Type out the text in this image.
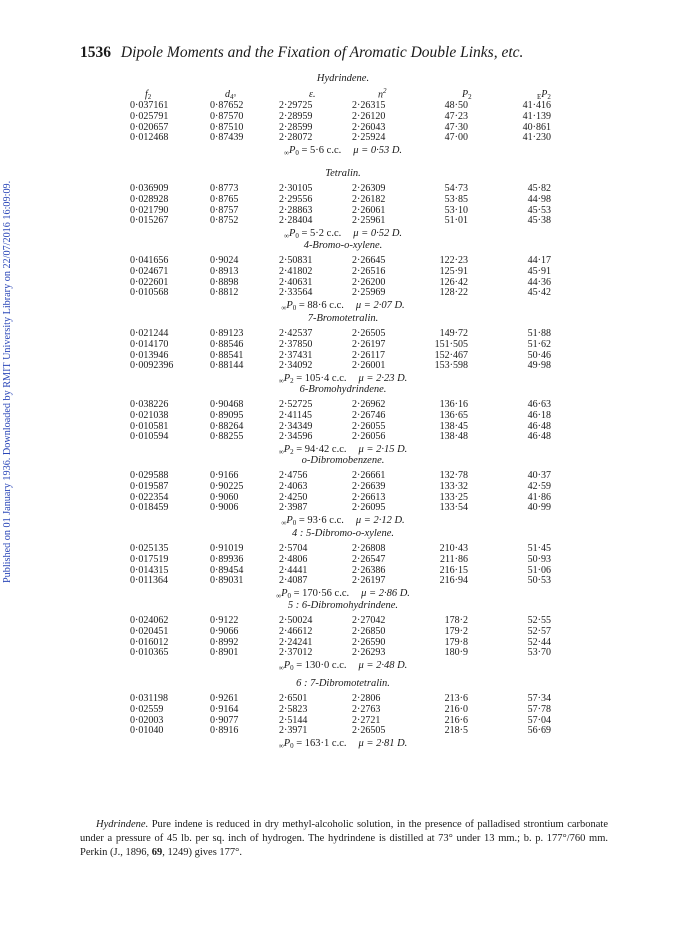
Published on 01 January 1936. Downloaded by RMIT University Library on 22/07/2016 16:09:09.
1536 Dipole Moments and the Fixation of Aromatic Double Links, etc.
$f_2$	$d_{4^\circ}$	ε.	$n^2$	$P_2$	$_EP_2$
Hydrindene.
0·037161	0·87652	2·29725	2·26315	48·50	41·416
0·025791	0·87570	2·28959	2·26120	47·23	41·139
0·020657	0·87510	2·28599	2·26043	47·30	40·861
0·012468	0·87439	2·28072	2·25924	47·00	41·230
$_\infty P_0 = 5\cdot 6$ c.c. μ = 0·53 D.
Tetralin.
0·036909	0·8773	2·30105	2·26309	54·73	45·82
0·028928	0·8765	2·29556	2·26182	53·85	44·98
0·021790	0·8757	2·28863	2·26061	53·10	45·53
0·015267	0·8752	2·28404	2·25961	51·01	45·38
$_\infty P_0 = 5\cdot 2$ c.c. μ = 0·52 D.
4-Bromo-o-xylene.
0·041656	0·9024	2·50831	2·26645	122·23	44·17
0·024671	0·8913	2·41802	2·26516	125·91	45·91
0·022601	0·8898	2·40631	2·26200	126·42	44·36
0·010568	0·8812	2·33564	2·25969	128·22	45·42
$_\infty P_0 = 88\cdot 6$ c.c. μ = 2·07 D.
7-Bromotetralin.
0·021244	0·89123	2·42537	2·26505	149·72	51·88
0·014170	0·88546	2·37850	2·26197	151·505	51·62
0·013946	0·88541	2·37431	2·26117	152·467	50·46
0·0092396	0·88144	2·34092	2·26001	153·598	49·98
$_\infty P_2 = 105\cdot 4$ c.c. μ = 2·23 D.
6-Bromohydrindene.
0·038226	0·90468	2·52725	2·26962	136·16	46·63
0·021038	0·89095	2·41145	2·26746	136·65	46·18
0·010581	0·88264	2·34349	2·26055	138·45	46·48
0·010594	0·88255	2·34596	2·26056	138·48	46·48
$_\infty P_2 = 94\cdot 42$ c.c. μ = 2·15 D.
o-Dibromobenzene.
0·029588	0·9166	2·4756	2·26661	132·78	40·37
0·019587	0·90225	2·4063	2·26639	133·32	42·59
0·022354	0·9060	2·4250	2·26613	133·25	41·86
0·018459	0·9006	2·3987	2·26095	133·54	40·99
$_\infty P_0 = 93\cdot 6$ c.c. μ = 2·12 D.
4 : 5-Dibromo-o-xylene.
0·025135	0·91019	2·5704	2·26808	210·43	51·45
0·017519	0·89936	2·4806	2·26547	211·86	50·93
0·014315	0·89454	2·4441	2·26386	216·15	51·06
0·011364	0·89031	2·4087	2·26197	216·94	50·53
$_\infty P_0 = 170\cdot 56$ c.c. μ = 2·86 D.
5 : 6-Dibromohydrindene.
0·024062	0·9122	2·50024	2·27042	178·2	52·55
0·020451	0·9066	2·46612	2·26850	179·2	52·57
0·016012	0·8992	2·24241	2·26590	179·8	52·44
0·010365	0·8901	2·37012	2·26293	180·9	53·70
$_\infty P_0 = 130\cdot 0$ c.c. μ = 2·48 D.
6 : 7-Dibromotetralin.
0·031198	0·9261	2·6501	2·2806	213·6	57·34
0·02559	0·9164	2·5823	2·2763	216·0	57·78
0·02003	0·9077	2·5144	2·2721	216·6	57·04
0·01040	0·8916	2·3971	2·26505	218·5	56·69
$_\infty P_0 = 163\cdot 1$ c.c. μ = 2·81 D.
Hydrindene. Pure indene is reduced in dry methyl-alcoholic solution, in the presence of palladised strontium carbonate under a pressure of 45 lb. per sq. inch of hydrogen. The hydrindene is distilled at 73° under 13 mm.; b. p. 177°/760 mm. Perkin (J., 1896, 69, 1249) gives 177°.
